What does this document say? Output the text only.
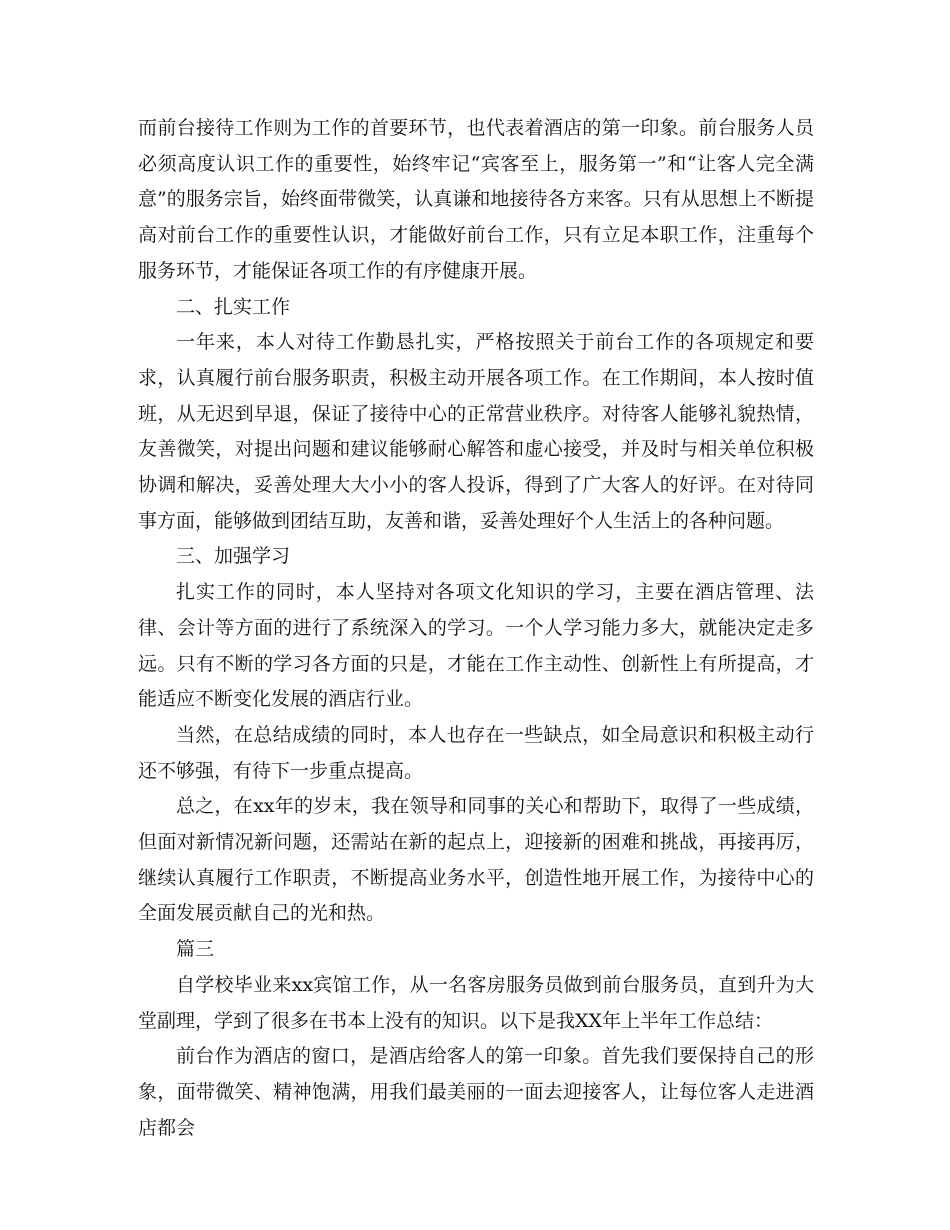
而前台接待工作则为工作的首要环节，也代表着酒店的第一印象。前台服务人员必须高度认识工作的重要性，始终牢记“宾客至上，服务第一”和“让客人完全满意”的服务宗旨，始终面带微笑，认真谦和地接待各方来客。只有从思想上不断提高对前台工作的重要性认识，才能做好前台工作，只有立足本职工作，注重每个服务环节，才能保证各项工作的有序健康开展。

二、扎实工作

一年来，本人对待工作勤恳扎实，严格按照关于前台工作的各项规定和要求，认真履行前台服务职责，积极主动开展各项工作。在工作期间，本人按时值班，从无迟到早退，保证了接待中心的正常营业秩序。对待客人能够礼貌热情，友善微笑，对提出问题和建议能够耐心解答和虚心接受，并及时与相关单位积极协调和解决，妥善处理大大小小的客人投诉，得到了广大客人的好评。在对待同事方面，能够做到团结互助，友善和谐，妥善处理好个人生活上的各种问题。

三、加强学习

扎实工作的同时，本人坚持对各项文化知识的学习，主要在酒店管理、法律、会计等方面的进行了系统深入的学习。一个人学习能力多大，就能决定走多远。只有不断的学习各方面的只是，才能在工作主动性、创新性上有所提高，才能适应不断变化发展的酒店行业。

当然，在总结成绩的同时，本人也存在一些缺点，如全局意识和积极主动行还不够强，有待下一步重点提高。

总之，在xx年的岁末，我在领导和同事的关心和帮助下，取得了一些成绩，但面对新情况新问题，还需站在新的起点上，迎接新的困难和挑战，再接再厉，继续认真履行工作职责，不断提高业务水平，创造性地开展工作，为接待中心的全面发展贡献自己的光和热。

篇三

自学校毕业来xx宾馆工作，从一名客房服务员做到前台服务员，直到升为大堂副理，学到了很多在书本上没有的知识。以下是我XX年上半年工作总结：

前台作为酒店的窗口，是酒店给客人的第一印象。首先我们要保持自己的形象，面带微笑、精神饱满，用我们最美丽的一面去迎接客人，让每位客人走进酒店都会
